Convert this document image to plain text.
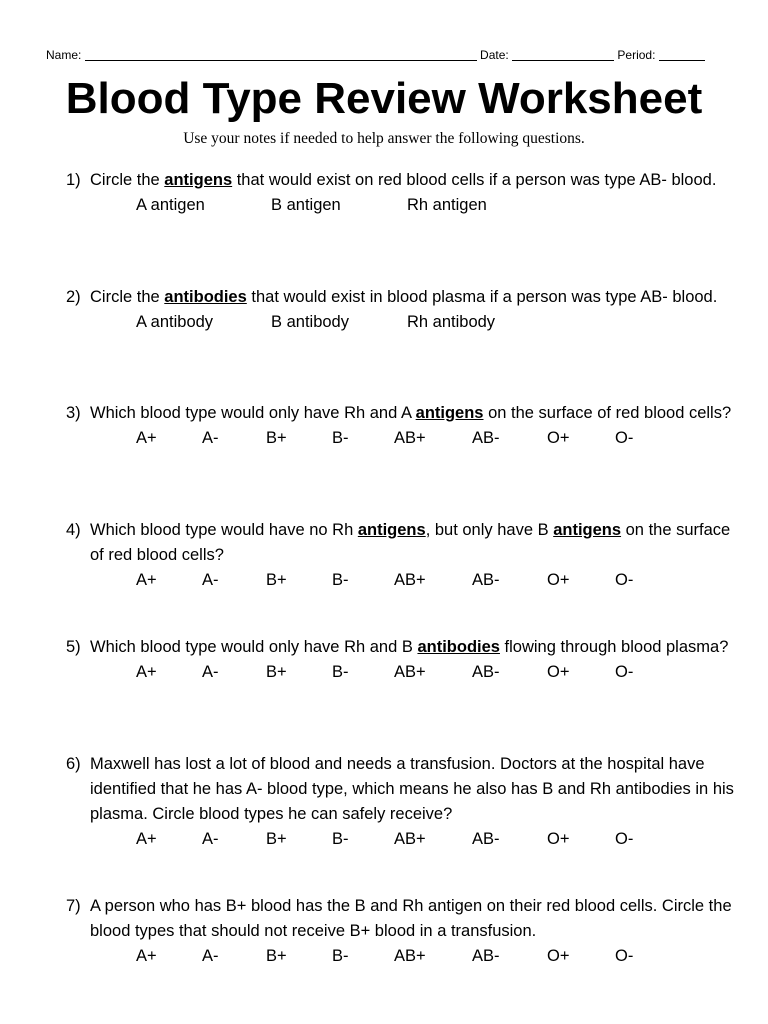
Name:	Date:	Period:
Blood Type Review Worksheet
Use your notes if needed to help answer the following questions.
1) Circle the antigens that would exist on red blood cells if a person was type AB- blood.
A antigen	B antigen	Rh antigen
2) Circle the antibodies that would exist in blood plasma if a person was type AB- blood.
A antibody	B antibody	Rh antibody
3) Which blood type would only have Rh and A antigens on the surface of red blood cells?
A+	A-	B+	B-	AB+	AB-	O+	O-
4) Which blood type would have no Rh antigens, but only have B antigens on the surface of red blood cells?
A+	A-	B+	B-	AB+	AB-	O+	O-
5) Which blood type would only have Rh and B antibodies flowing through blood plasma?
A+	A-	B+	B-	AB+	AB-	O+	O-
6) Maxwell has lost a lot of blood and needs a transfusion. Doctors at the hospital have identified that he has A- blood type, which means he also has B and Rh antibodies in his plasma. Circle blood types he can safely receive?
A+	A-	B+	B-	AB+	AB-	O+	O-
7) A person who has B+ blood has the B and Rh antigen on their red blood cells. Circle the blood types that should not receive B+ blood in a transfusion.
A+	A-	B+	B-	AB+	AB-	O+	O-
